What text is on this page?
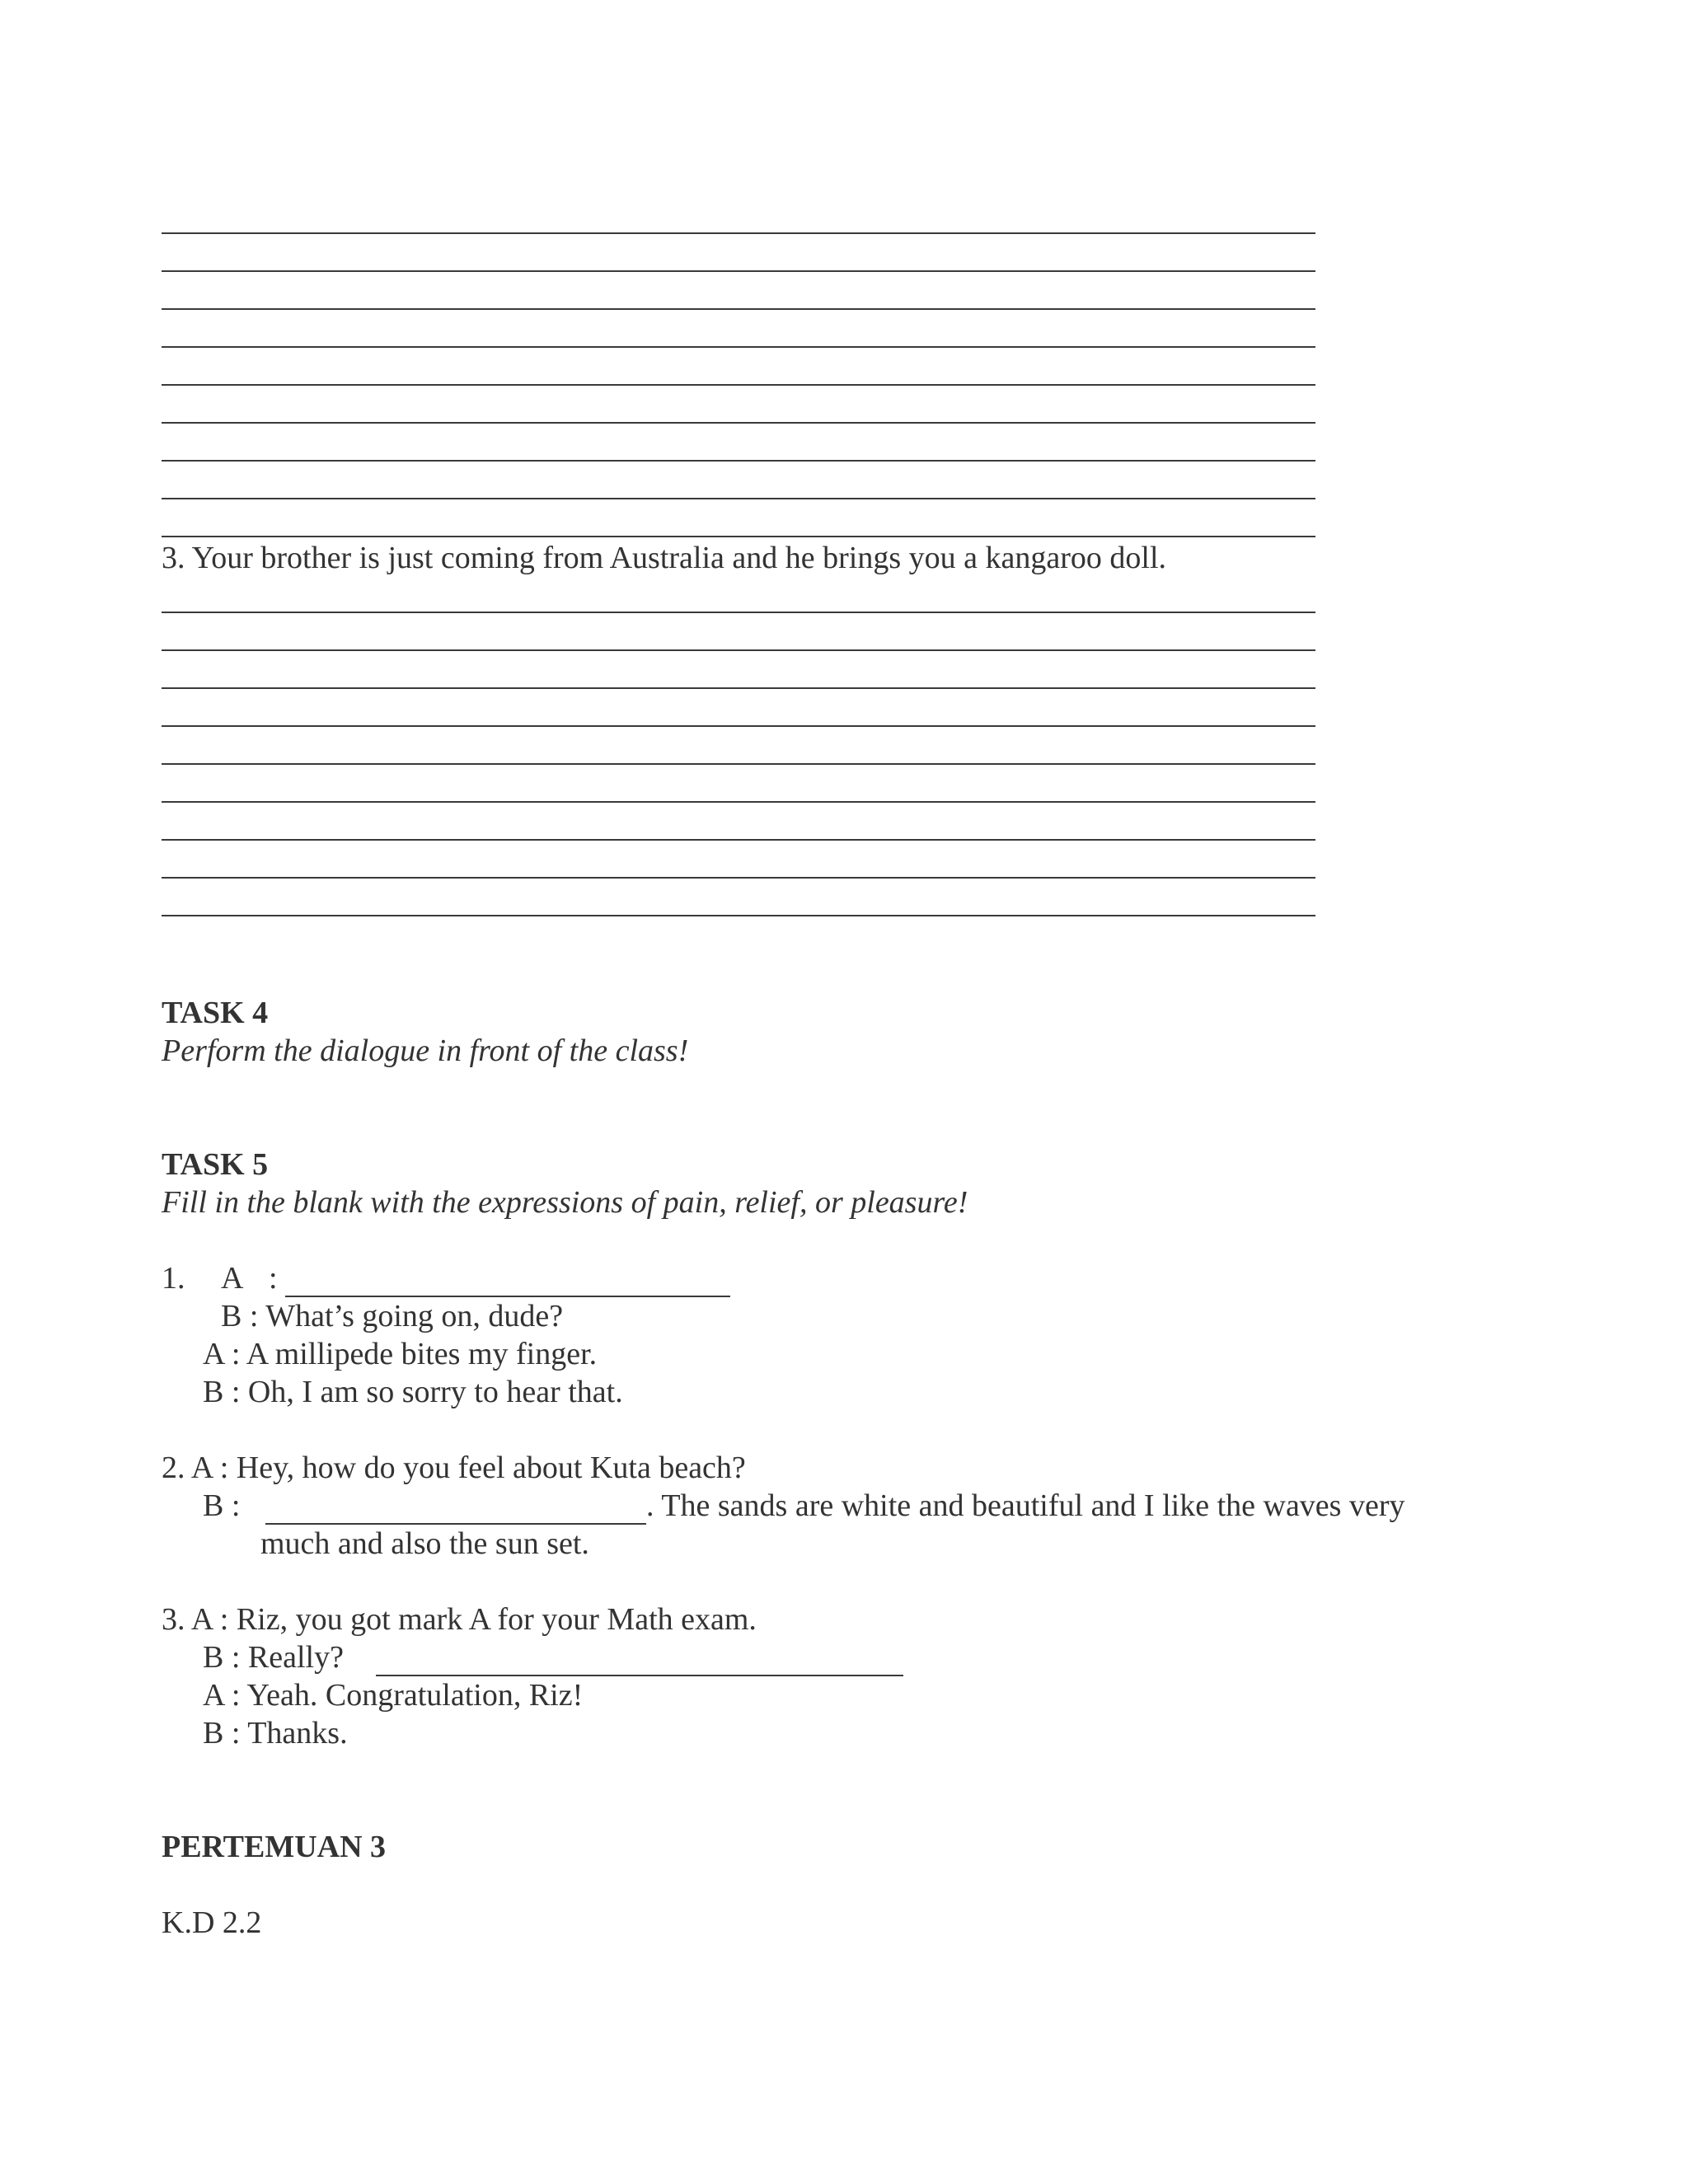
3. Your brother is just coming from Australia and he brings you a kangaroo doll.
TASK 4
Perform the dialogue in front of the class!
TASK 5
Fill in the blank with the expressions of pain, relief, or pleasure!
1. A :
B : What’s going on, dude?
A : A millipede bites my finger.
B : Oh, I am so sorry to hear that.
2. A : Hey, how do you feel about Kuta beach?
B :	. The sands are white and beautiful and I like the waves very
much and also the sun set.
3. A : Riz, you got mark A for your Math exam.
B : Really?
A : Yeah. Congratulation, Riz!
B : Thanks.
PERTEMUAN 3
K.D 2.2
